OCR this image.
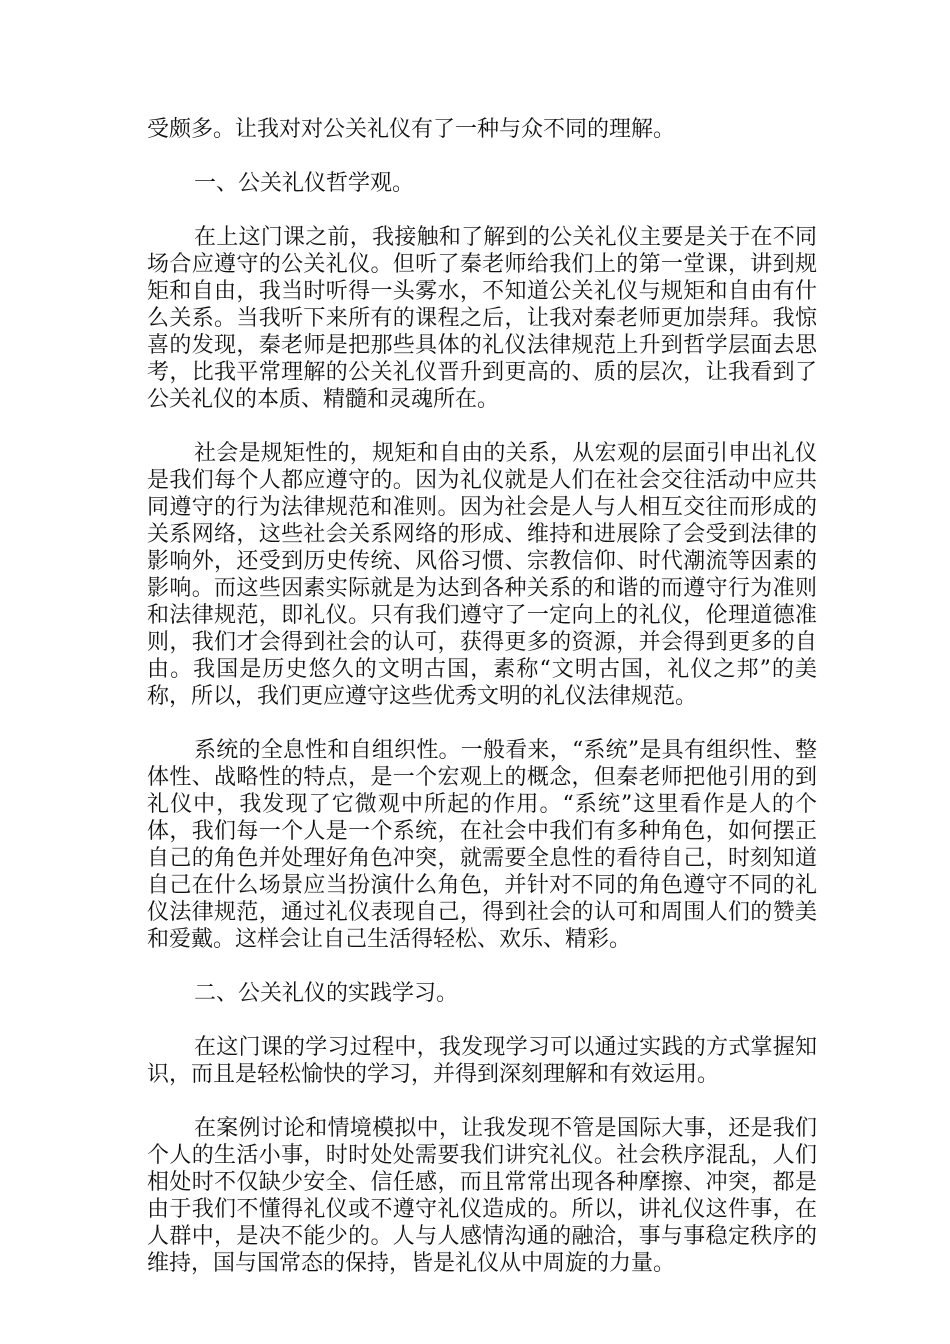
受颇多。让我对对公关礼仪有了一种与众不同的理解。

一、公关礼仪哲学观。

在上这门课之前，我接触和了解到的公关礼仪主要是关于在不同场合应遵守的公关礼仪。但听了秦老师给我们上的第一堂课，讲到规矩和自由，我当时听得一头雾水，不知道公关礼仪与规矩和自由有什么关系。当我听下来所有的课程之后，让我对秦老师更加崇拜。我惊喜的发现，秦老师是把那些具体的礼仪法律规范上升到哲学层面去思考，比我平常理解的公关礼仪晋升到更高的、质的层次，让我看到了公关礼仪的本质、精髓和灵魂所在。

社会是规矩性的，规矩和自由的关系，从宏观的层面引申出礼仪是我们每个人都应遵守的。因为礼仪就是人们在社会交往活动中应共同遵守的行为法律规范和准则。因为社会是人与人相互交往而形成的关系网络，这些社会关系网络的形成、维持和进展除了会受到法律的影响外，还受到历史传统、风俗习惯、宗教信仰、时代潮流等因素的影响。而这些因素实际就是为达到各种关系的和谐的而遵守行为准则和法律规范，即礼仪。只有我们遵守了一定向上的礼仪，伦理道德准则，我们才会得到社会的认可，获得更多的资源，并会得到更多的自由。我国是历史悠久的文明古国，素称“文明古国，礼仪之邦”的美称，所以，我们更应遵守这些优秀文明的礼仪法律规范。

系统的全息性和自组织性。一般看来，“系统”是具有组织性、整体性、战略性的特点，是一个宏观上的概念，但秦老师把他引用的到礼仪中，我发现了它微观中所起的作用。“系统”这里看作是人的个体，我们每一个人是一个系统，在社会中我们有多种角色，如何摆正自己的角色并处理好角色冲突，就需要全息性的看待自己，时刻知道自己在什么场景应当扮演什么角色，并针对不同的角色遵守不同的礼仪法律规范，通过礼仪表现自己，得到社会的认可和周围人们的赞美和爱戴。这样会让自己生活得轻松、欢乐、精彩。

二、公关礼仪的实践学习。

在这门课的学习过程中，我发现学习可以通过实践的方式掌握知识，而且是轻松愉快的学习，并得到深刻理解和有效运用。

在案例讨论和情境模拟中，让我发现不管是国际大事，还是我们个人的生活小事，时时处处需要我们讲究礼仪。社会秩序混乱，人们相处时不仅缺少安全、信任感，而且常常出现各种摩擦、冲突，都是由于我们不懂得礼仪或不遵守礼仪造成的。所以，讲礼仪这件事，在人群中，是决不能少的。人与人感情沟通的融洽，事与事稳定秩序的维持，国与国常态的保持，皆是礼仪从中周旋的力量。
